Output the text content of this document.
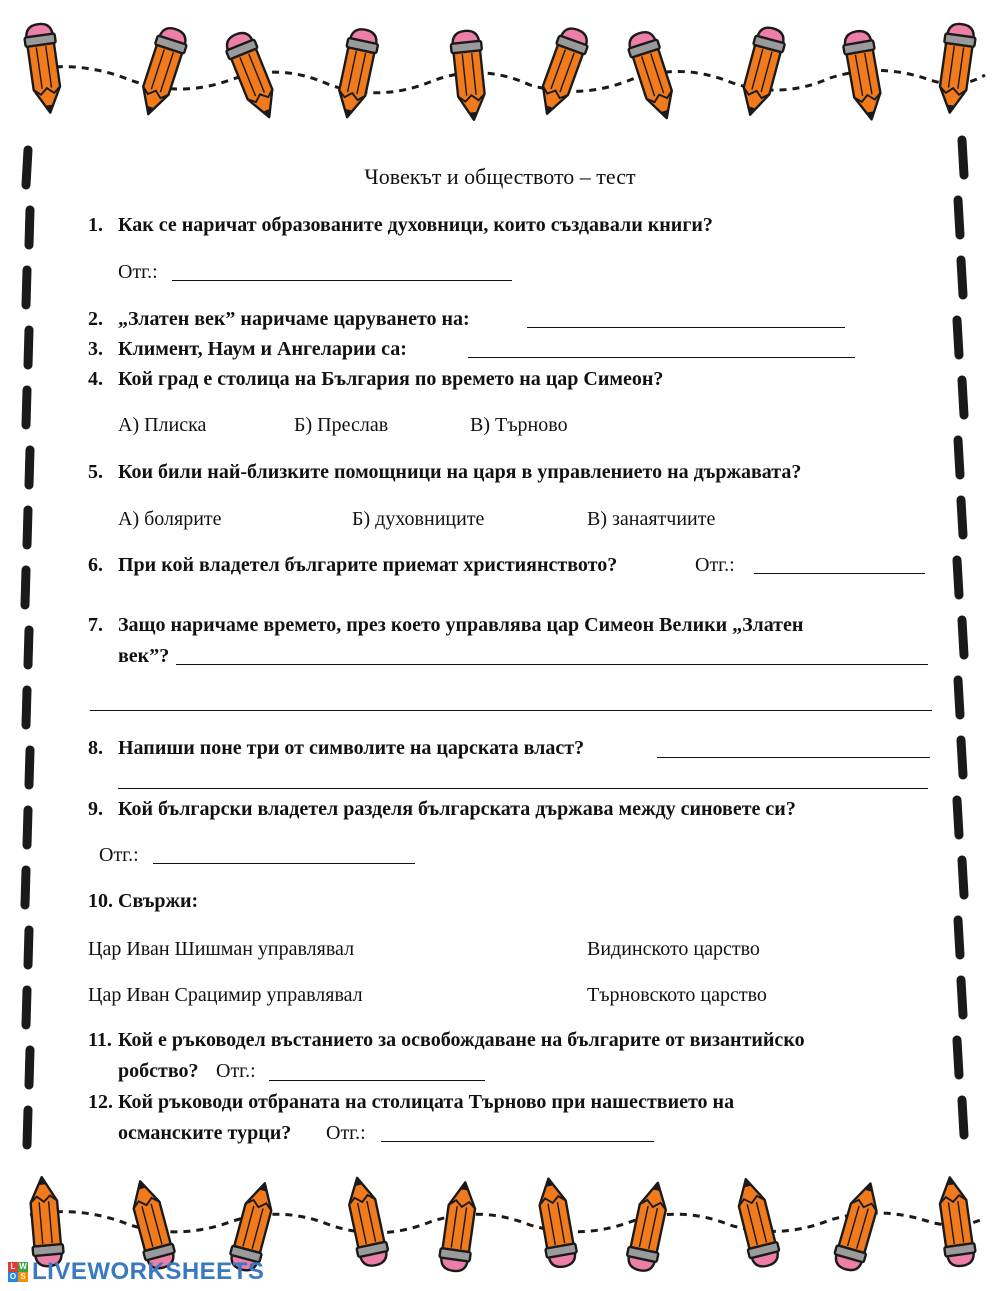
Човекът и обществото – тест
1. Как се наричат образованите духовници, които създавали книги?
Отг.:
2. „Златен век” наричаме царуването на:
3. Климент, Наум и Ангеларии са:
4. Кой град е столица на България по времето на цар Симеон?
А) Плиска	Б) Преслав	В) Търново
5. Кои били най-близките помощници на царя в управлението на държавата?
А) болярите	Б) духовниците	В) занаятчиите
6. При кой владетел българите приемат християнството?	Отг.:
7. Защо наричаме времето, през което управлява цар Симеон Велики „Златен
век”?
8. Напиши поне три от символите на царската власт?
9. Кой български владетел разделя българската държава между синовете си?
Отг.:
10. Свържи:
Цар Иван Шишман управлявал	Видинското царство
Цар Иван Срацимир управлявал	Търновското царство
11. Кой е ръководел въстанието за освобождаване на българите от византийско
робство? Отг.:
12. Кой ръководи отбраната на столицата Търново при нашествието на
османските турци? Отг.:
L W
O S LIVEWORKSHEETS
